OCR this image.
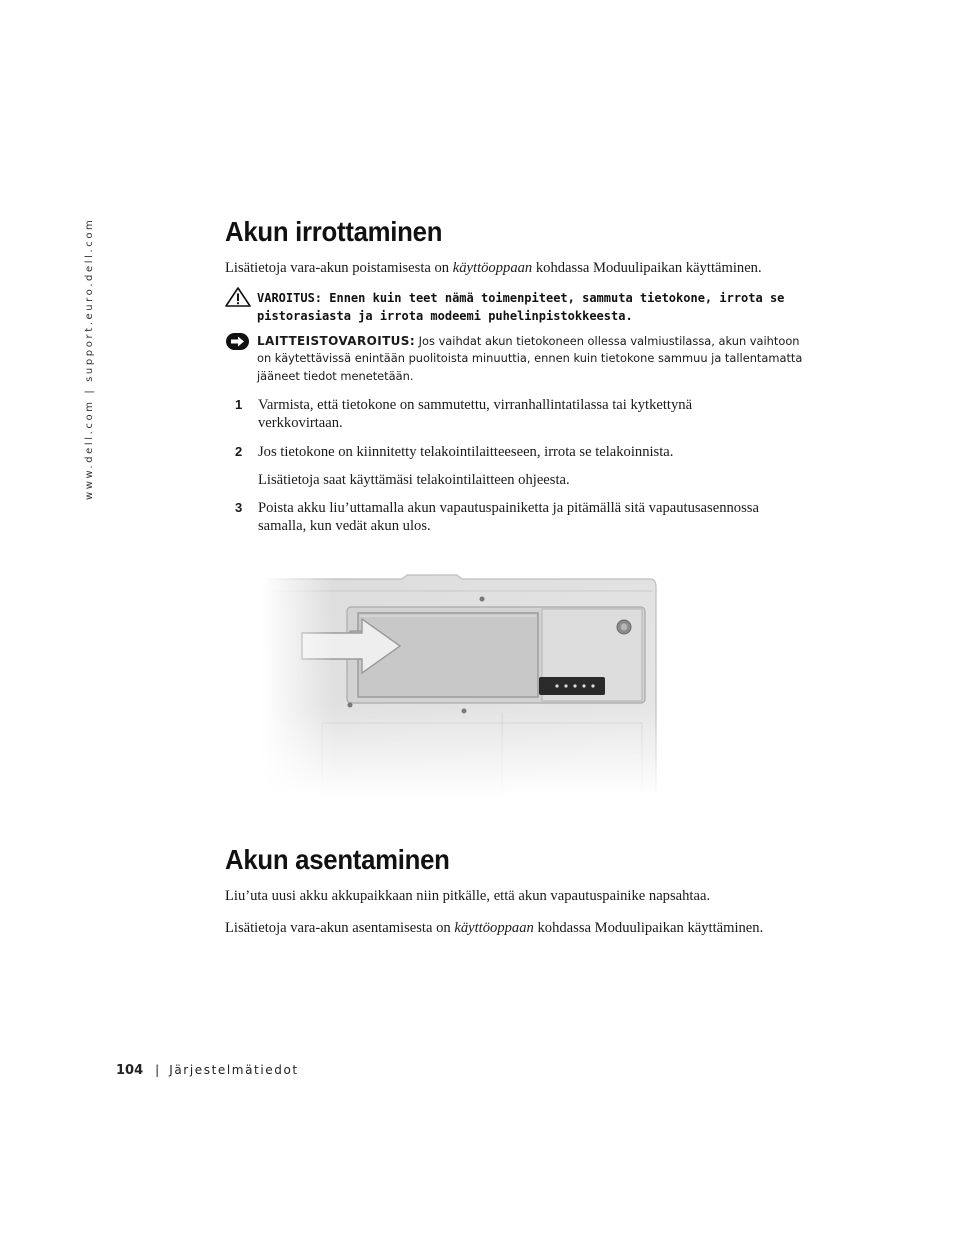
www.dell.com | support.euro.dell.com	Akun irrottaminen

Lisätietoja vara-akun poistamisesta on käyttöoppaan kohdassa Moduulipaikan käyttäminen.

VAROITUS: Ennen kuin teet nämä toimenpiteet, sammuta tietokone, irrota se
pistorasiasta ja irrota modeemi puhelinpistokkeesta.
LAITTEISTOVAROITUS: Jos vaihdat akun tietokoneen ollessa valmiustilassa, akun vaihtoon
on käytettävissä enintään puolitoista minuuttia, ennen kuin tietokone sammuu ja tallentamatta
jääneet tiedot menetetään.
1 Varmista, että tietokone on sammutettu, virranhallintatilassa tai kytkettynä
verkkovirtaan.
2 Jos tietokone on kiinnitetty telakointilaitteeseen, irrota se telakoinnista.
Lisätietoja saat käyttämäsi telakointilaitteen ohjeesta.
3 Poista akku liu’uttamalla akun vapautuspainiketta ja pitämällä sitä vapautusasennossa
samalla, kun vedät akun ulos.
Akun asentaminen

Liu’uta uusi akku akkupaikkaan niin pitkälle, että akun vapautuspainike napsahtaa.

Lisätietoja vara-akun asentamisesta on käyttöoppaan kohdassa Moduulipaikan käyttäminen.

104 | Järjestelmätiedot
